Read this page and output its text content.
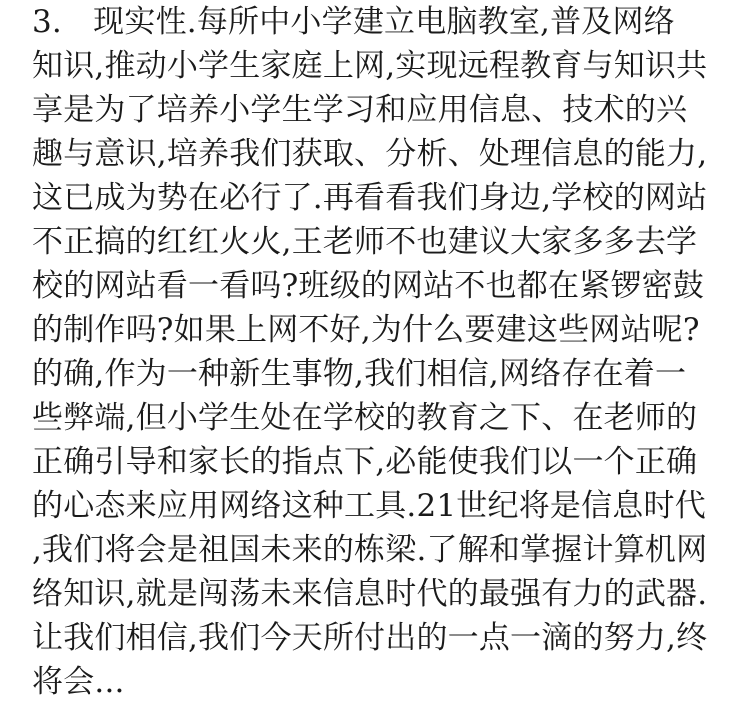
3.　现实性.每所中小学建立电脑教室,普及网络
知识,推动小学生家庭上网,实现远程教育与知识共
享是为了培养小学生学习和应用信息、技术的兴
趣与意识,培养我们获取、分析、处理信息的能力,
这已成为势在必行了.再看看我们身边,学校的网站
不正搞的红红火火,王老师不也建议大家多多去学
校的网站看一看吗?班级的网站不也都在紧锣密鼓
的制作吗?如果上网不好,为什么要建这些网站呢?
的确,作为一种新生事物,我们相信,网络存在着一
些弊端,但小学生处在学校的教育之下、在老师的
正确引导和家长的指点下,必能使我们以一个正确
的心态来应用网络这种工具.21世纪将是信息时代
,我们将会是祖国未来的栋梁.了解和掌握计算机网
络知识,就是闯荡未来信息时代的最强有力的武器.
让我们相信,我们今天所付出的一点一滴的努力,终
将会...
